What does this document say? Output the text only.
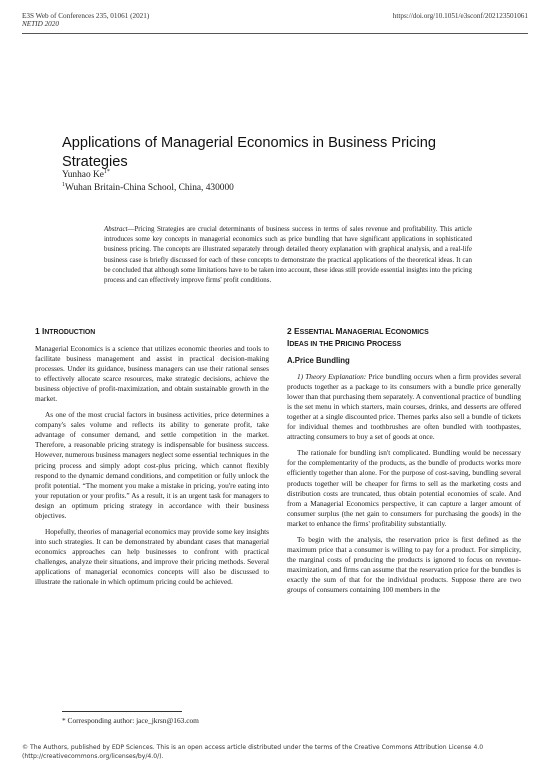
E3S Web of Conferences 235, 01061 (2021)
NETID 2020
https://doi.org/10.1051/e3sconf/202123501061
Applications of Managerial Economics in Business Pricing Strategies
Yunhao $Ke^{1*}$
$^1$Wuhan Britain-China School, China, 430000
Abstract—Pricing Strategies are crucial determinants of business success in terms of sales revenue and profitability. This article introduces some key concepts in managerial economics such as price bundling that have significant applications in sophisticated business pricing. The concepts are illustrated separately through detailed theory explanation with graphical analysis, and a real-life business case is briefly discussed for each of these concepts to demonstrate the practical applications of the theoretical ideas. It can be concluded that although some limitations have to be taken into account, these ideas still provide essential insights into the pricing process and can effectively improve firms' profit conditions.
1 INTRODUCTION

Managerial Economics is a science that utilizes economic theories and tools to facilitate business management and assist in practical decision-making processes. Under its guidance, business managers can use their rational senses to effectively allocate scarce resources, make strategic decisions, achieve the business objective of profit-maximization, and obtain sustainable growth in the market.

As one of the most crucial factors in business activities, price determines a company's sales volume and reflects its ability to generate profit, take advantage of consumer demand, and settle competition in the market. Therefore, a reasonable pricing strategy is indispensable for business success. However, numerous business managers neglect some essential techniques in the pricing process and simply adopt cost-plus pricing, which cannot flexibly respond to the dynamic demand conditions, and competition or fully unlock the profit potential. “The moment you make a mistake in pricing, you're eating into your reputation or your profits.” As a result, it is an urgent task for managers to design an optimum pricing strategy in accordance with their business objectives.

Hopefully, theories of managerial economics may provide some key insights into such strategies. It can be demonstrated by abundant cases that managerial economics approaches can help businesses to confront with practical challenges, analyze their situations, and improve their pricing methods. Several applications of managerial economics concepts will also be discussed to illustrate the rationale in which optimum pricing could be achieved.

2 ESSENTIAL MANAGERIAL ECONOMICS
IDEAS IN THE PRICING PROCESS
A.Price Bundling

1) Theory Explanation: Price bundling occurs when a firm provides several products together as a package to its consumers with a bundle price generally lower than that purchasing them separately. A conventional practice of bundling is the set menu in which starters, main courses, drinks, and desserts are offered together at a single discounted price. Themes parks also sell a bundle of tickets for individual themes and toothbrushes are often bundled with toothpastes, attracting consumers to buy a set of goods at once.

The rationale for bundling isn't complicated. Bundling would be necessary for the complementarity of the products, as the bundle of products works more efficiently together than alone. For the purpose of cost-saving, bundling several products together will be cheaper for firms to sell as the marketing costs and distribution costs are truncated, thus obtain potential economies of scale. And from a Managerial Economics perspective, it can capture a larger amount of consumer surplus (the net gain to consumers for purchasing the goods) in the market to enhance the firms' profitability substantially.

To begin with the analysis, the reservation price is first defined as the maximum price that a consumer is willing to pay for a product. For simplicity, the marginal costs of producing the products is ignored to focus on revenue-maximization, and firms can assume that the reservation price for the bundles is exactly the sum of that for the individual products. Suppose there are two groups of consumers containing 100 members in the

* Corresponding author: jace_jkrsn@163.com
© The Authors, published by EDP Sciences. This is an open access article distributed under the terms of the Creative Commons Attribution License 4.0 (http://creativecommons.org/licenses/by/4.0/).
